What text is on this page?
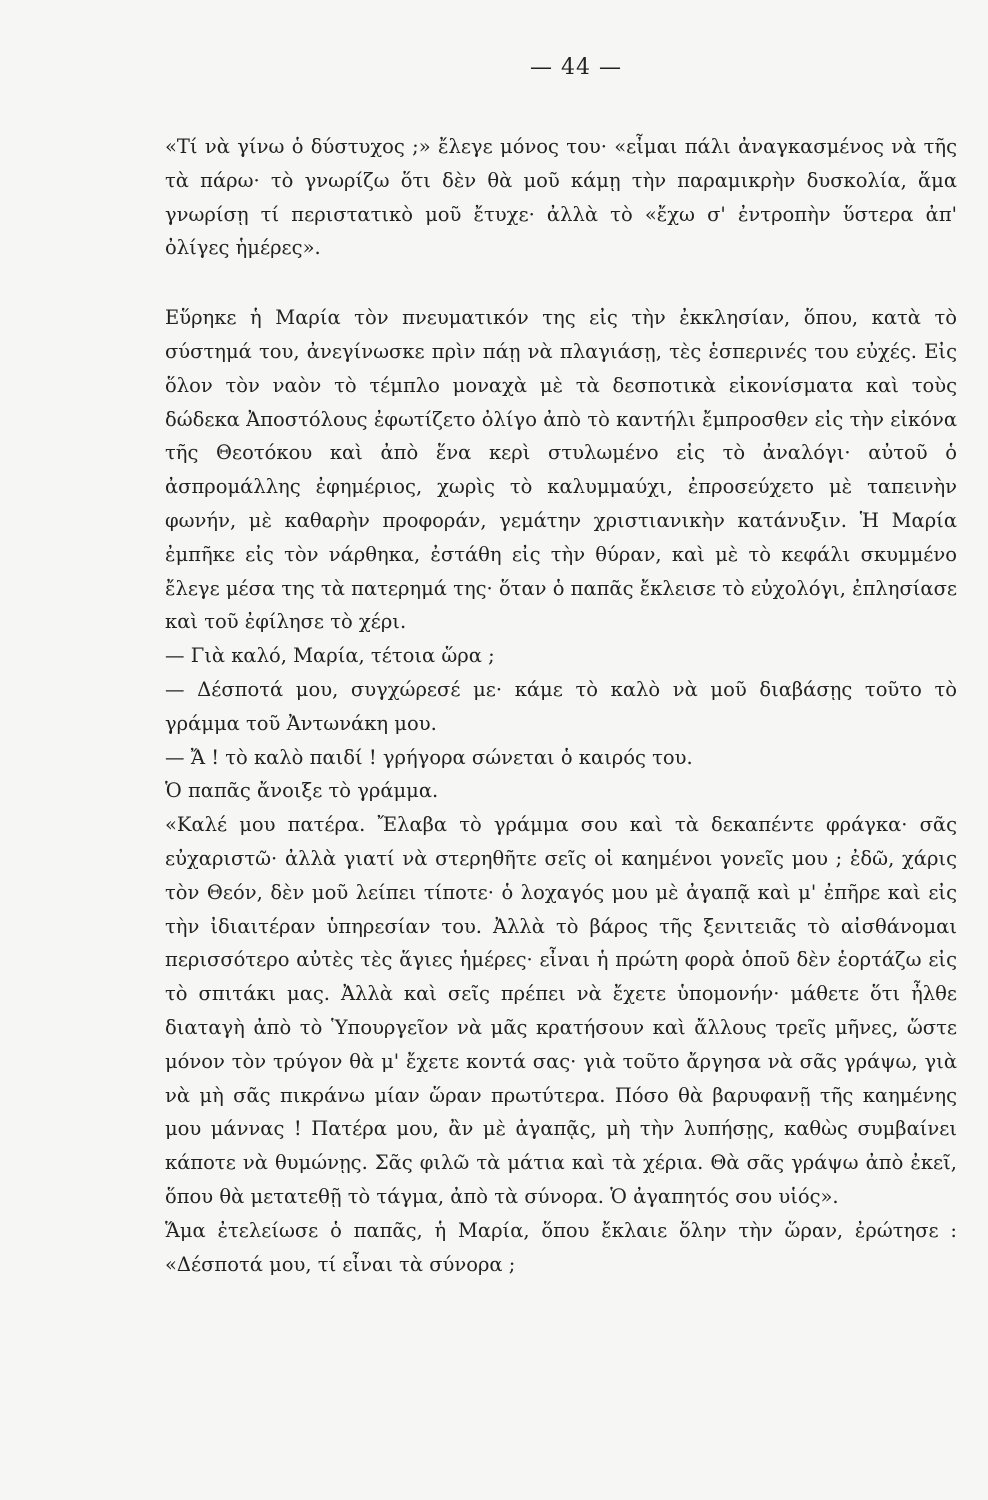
— 44 —

«Τί νὰ γίνω ὁ δύστυχος ;» ἔλεγε μόνος του· «εἶμαι πάλι ἀναγκασμένος νὰ τῆς τὰ πάρω· τὸ γνωρίζω ὅτι δὲν θὰ μοῦ κάμῃ τὴν παραμικρὴν δυσκολία, ἅμα γνωρίσῃ τί περιστατικὸ μοῦ ἔτυχε· ἀλλὰ τὸ «ἔχω σ' ἐντροπὴν ὕστερα ἀπ' ὀλίγες ἡμέρες».

Εὕρηκε ἡ Μαρία τὸν πνευματικόν της εἰς τὴν ἐκκλησίαν, ὅπου, κατὰ τὸ σύστημά του, ἀνεγίνωσκε πρὶν πάῃ νὰ πλαγιάσῃ, τὲς ἑσπερινές του εὐχές. Εἰς ὅλον τὸν ναὸν τὸ τέμπλο μοναχὰ μὲ τὰ δεσποτικὰ εἰκονίσματα καὶ τοὺς δώδεκα Ἀποστόλους ἐφωτίζετο ὀλίγο ἀπὸ τὸ καντήλι ἔμπροσθεν εἰς τὴν εἰκόνα τῆς Θεοτόκου καὶ ἀπὸ ἕνα κερὶ στυλωμένο εἰς τὸ ἀναλόγι· αὐτοῦ ὁ ἀσπρομάλλης ἐφημέριος, χωρὶς τὸ καλυμμαύχι, ἐπροσεύχετο μὲ ταπεινὴν φωνήν, μὲ καθαρὴν προφοράν, γεμάτην χριστιανικὴν κατάνυξιν. Ἡ Μαρία ἐμπῆκε εἰς τὸν νάρθηκα, ἐστάθη εἰς τὴν θύραν, καὶ μὲ τὸ κεφάλι σκυμμένο ἔλεγε μέσα της τὰ πατερημά της· ὅταν ὁ παπᾶς ἔκλεισε τὸ εὐχολόγι, ἐπλησίασε καὶ τοῦ ἐφίλησε τὸ χέρι.

— Γιὰ καλό, Μαρία, τέτοια ὥρα ;

— Δέσποτά μου, συγχώρεσέ με· κάμε τὸ καλὸ νὰ μοῦ διαβάσῃς τοῦτο τὸ γράμμα τοῦ Ἀντωνάκη μου.

— Ἄ ! τὸ καλὸ παιδί ! γρήγορα σώνεται ὁ καιρός του.

Ὁ παπᾶς ἄνοιξε τὸ γράμμα.

«Καλέ μου πατέρα. Ἔλαβα τὸ γράμμα σου καὶ τὰ δεκαπέντε φράγκα· σᾶς εὐχαριστῶ· ἀλλὰ γιατί νὰ στερηθῆτε σεῖς οἱ καημένοι γονεῖς μου ; ἐδῶ, χάρις τὸν Θεόν, δὲν μοῦ λείπει τίποτε· ὁ λοχαγός μου μὲ ἀγαπᾷ καὶ μ' ἐπῆρε καὶ εἰς τὴν ἰδιαιτέραν ὑπηρεσίαν του. Ἀλλὰ τὸ βάρος τῆς ξενιτειᾶς τὸ αἰσθάνομαι περισσότερο αὐτὲς τὲς ἅγιες ἡμέρες· εἶναι ἡ πρώτη φορὰ ὁποῦ δὲν ἑορτάζω εἰς τὸ σπιτάκι μας. Ἀλλὰ καὶ σεῖς πρέπει νὰ ἔχετε ὑπομονήν· μάθετε ὅτι ἦλθε διαταγὴ ἀπὸ τὸ Ὑπουργεῖον νὰ μᾶς κρατήσουν καὶ ἄλλους τρεῖς μῆνες, ὥστε μόνον τὸν τρύγον θὰ μ' ἔχετε κοντά σας· γιὰ τοῦτο ἄργησα νὰ σᾶς γράψω, γιὰ νὰ μὴ σᾶς πικράνω μίαν ὥραν πρωτύτερα. Πόσο θὰ βαρυφανῇ τῆς καημένης μου μάννας ! Πατέρα μου, ἂν μὲ ἀγαπᾷς, μὴ τὴν λυπήσῃς, καθὼς συμβαίνει κάποτε νὰ θυμώνῃς. Σᾶς φιλῶ τὰ μάτια καὶ τὰ χέρια. Θὰ σᾶς γράψω ἀπὸ ἐκεῖ, ὅπου θὰ μετατεθῇ τὸ τάγμα, ἀπὸ τὰ σύνορα. Ὁ ἀγαπητός σου υἱός».

Ἅμα ἐτελείωσε ὁ παπᾶς, ἡ Μαρία, ὅπου ἔκλαιε ὅλην τὴν ὥραν, ἐρώτησε : «Δέσποτά μου, τί εἶναι τὰ σύνορα ;
